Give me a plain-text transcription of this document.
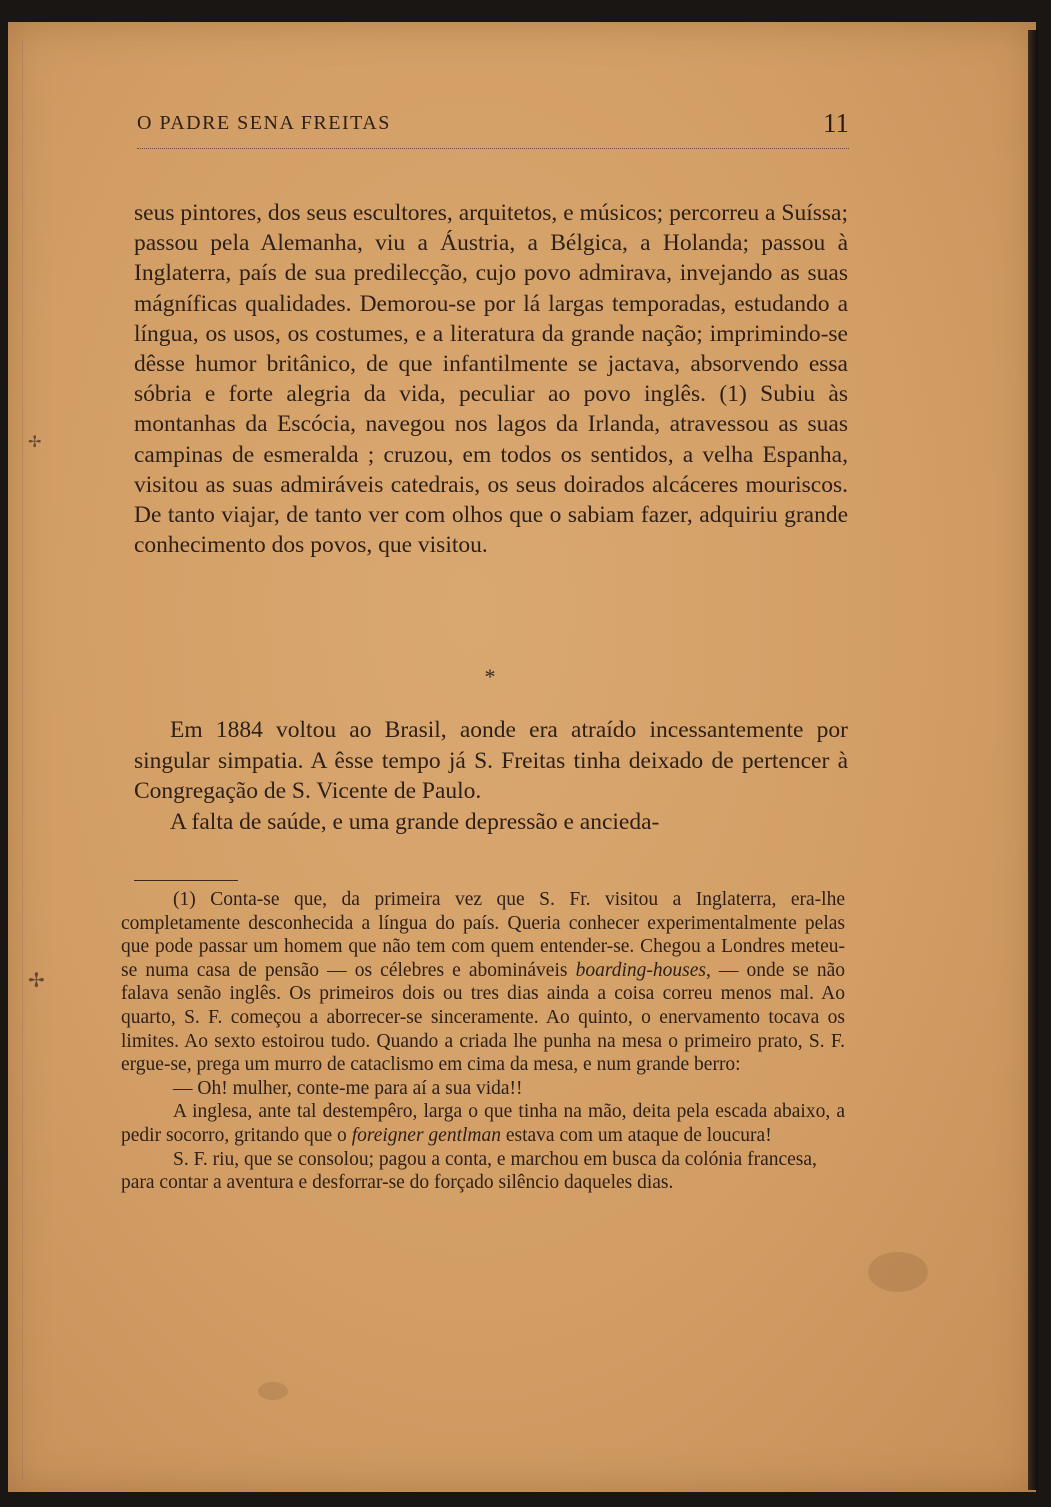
✢
✢
O PADRE SENA FREITAS	11

seus pintores, dos seus escultores, arquitetos, e músicos; percorreu a Suíssa; passou pela Alemanha, viu a Áustria, a Bélgica, a Holanda; passou à Inglaterra, país de sua predilecção, cujo povo admirava, invejando as suas mágníficas qualidades. Demorou-se por lá largas temporadas, estudando a língua, os usos, os costumes, e a literatura da grande nação; imprimindo-se dêsse humor britânico, de que infantilmente se jactava, absorvendo essa sóbria e forte alegria da vida, peculiar ao povo inglês. (1) Subiu às montanhas da Escócia, navegou nos lagos da Irlanda, atravessou as suas campinas de esmeralda ; cruzou, em todos os sentidos, a velha Espanha, visitou as suas admiráveis catedrais, os seus doirados alcáceres mouriscos. De tanto viajar, de tanto ver com olhos que o sabiam fazer, adquiriu grande conhecimento dos povos, que visitou.

*

Em 1884 voltou ao Brasil, aonde era atraído incessantemente por singular simpatia. A êsse tempo já S. Freitas tinha deixado de pertencer à Congregação de S. Vicente de Paulo.

A falta de saúde, e uma grande depressão e ancieda-

(1) Conta-se que, da primeira vez que S. Fr. visitou a Inglaterra, era-lhe completamente desconhecida a língua do país. Queria conhecer experimentalmente pelas que pode passar um homem que não tem com quem entender-se. Chegou a Londres meteu-se numa casa de pensão — os célebres e abomináveis boarding-houses, — onde se não falava senão inglês. Os primeiros dois ou tres dias ainda a coisa correu menos mal. Ao quarto, S. F. começou a aborrecer-se sinceramente. Ao quinto, o enervamento tocava os limites. Ao sexto estoirou tudo. Quando a criada lhe punha na mesa o primeiro prato, S. F. ergue-se, prega um murro de cataclismo em cima da mesa, e num grande berro:

— Oh! mulher, conte-me para aí a sua vida!!

A inglesa, ante tal destempêro, larga o que tinha na mão, deita pela escada abaixo, a pedir socorro, gritando que o foreigner gentlman estava com um ataque de loucura!

S. F. riu, que se consolou; pagou a conta, e marchou em busca da colónia francesa, para contar a aventura e desforrar-se do forçado silêncio daqueles dias.
